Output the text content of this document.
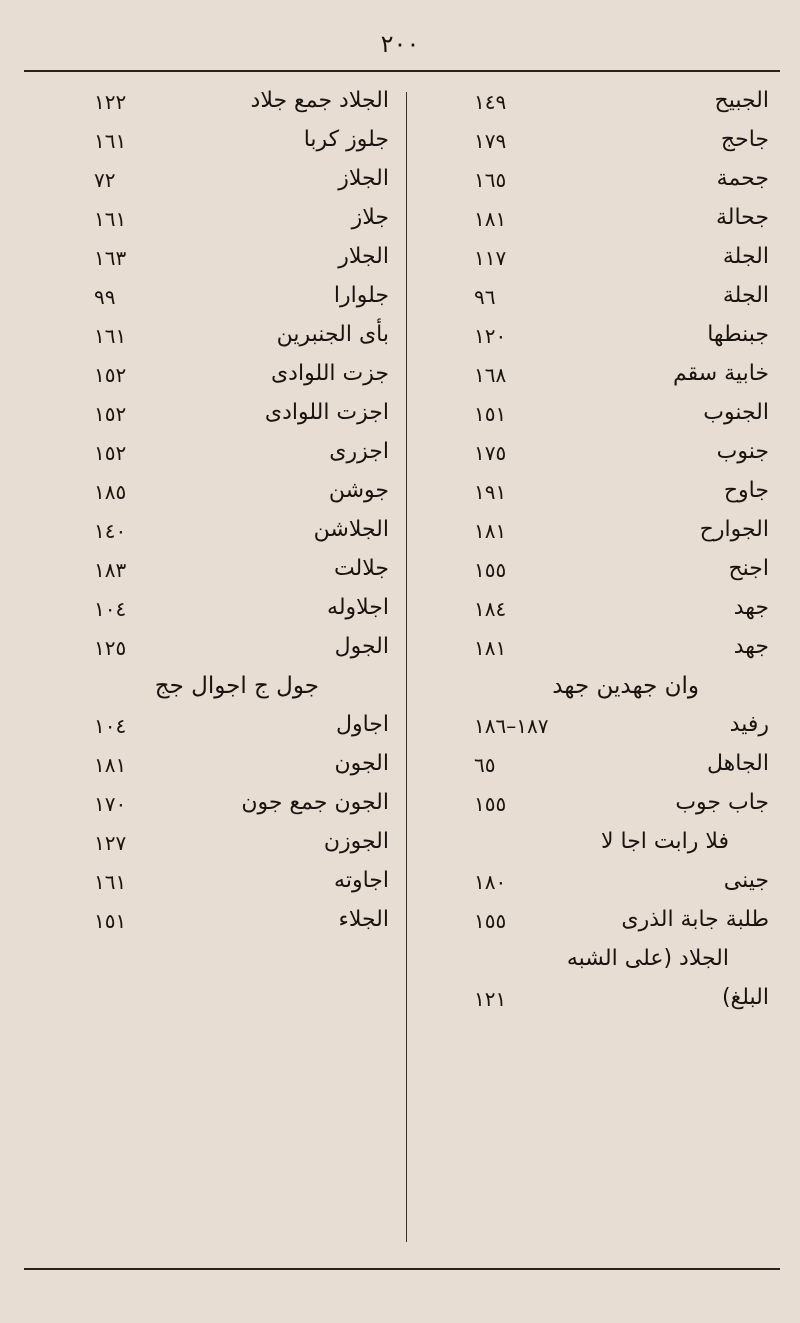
٢٠٠
١٢٢	الجلاد جمع جلاد
١٦١	جلوز كربا
٧٢	الجلاز
١٦١	جلاز
١٦٣	الجلار
٩٩	جلوارا
١٦١	بأى الجنبرين
١٥٢	جزت اللوادى
١٥٢	اجزت اللوادى
١٥٢	اجزرى
١٨٥	جوشن
١٤٠	الجلاشن
١٨٣	جلالت
١٠٤	اجلاوله
١٢٥	الجول
جول ج اجوال جج
١٠٤	اجاول
١٨١	الجون
١٧٠	الجون جمع جون
١٢٧	الجوزن
١٦١	اجاوته
١٥١	الجلاء
١٤٩	الجبيح
١٧٩	جاحج
١٦٥	جحمة
١٨١	جحالة
١١٧	الجلة
٩٦	الجلة
١٢٠	جبنطها
١٦٨	خابية سقم
١٥١	الجنوب
١٧٥	جنوب
١٩١	جاوح
١٨١	الجوارح
١٥٥	اجنح
١٨٤	جهد
١٨١	جهد
وان جهدين جهد
١٨٧–١٨٦	رفيد
٦٥	الجاهل
١٥٥	جاب جوب
فلا رابت اجا لا
١٨٠	جينى
١٥٥	طلبة جابة الذرى
الجلاد (على الشبه
١٢١	البلغ)
